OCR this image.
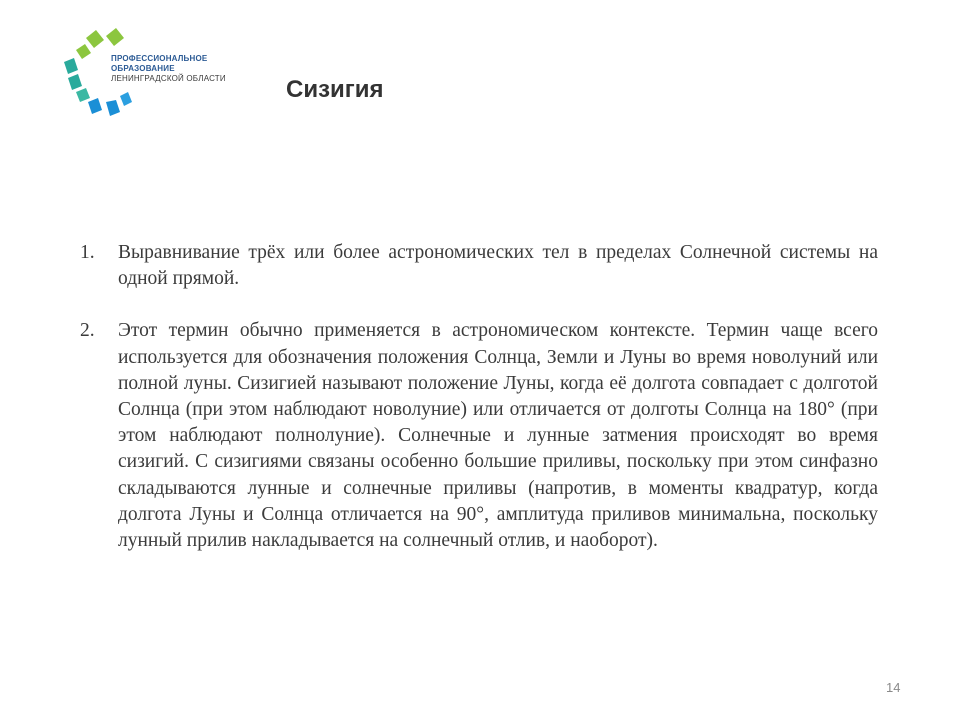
ПРОФЕССИОНАЛЬНОЕ
ОБРАЗОВАНИЕ
ЛЕНИНГРАДСКОЙ ОБЛАСТИ	Сизигия
1.	Выравнивание трёх или более астрономических тел в пределах Солнечной системы на одной прямой.
2.	Этот термин обычно применяется в астрономическом контексте. Термин чаще всего используется для обозначения положения Солнца, Земли и Луны во время новолуний или полной луны. Сизигией называют положение Луны, когда её долгота совпадает с долготой Солнца (при этом наблюдают новолуние) или отличается от долготы Солнца на 180° (при этом наблюдают полнолуние). Солнечные и лунные затмения происходят во время сизигий. С сизигиями связаны особенно большие приливы, поскольку при этом синфазно складываются лунные и солнечные приливы (напротив, в моменты квадратур, когда долгота Луны и Солнца отличается на 90°, амплитуда приливов минимальна, поскольку лунный прилив накладывается на солнечный отлив, и наоборот).
14
